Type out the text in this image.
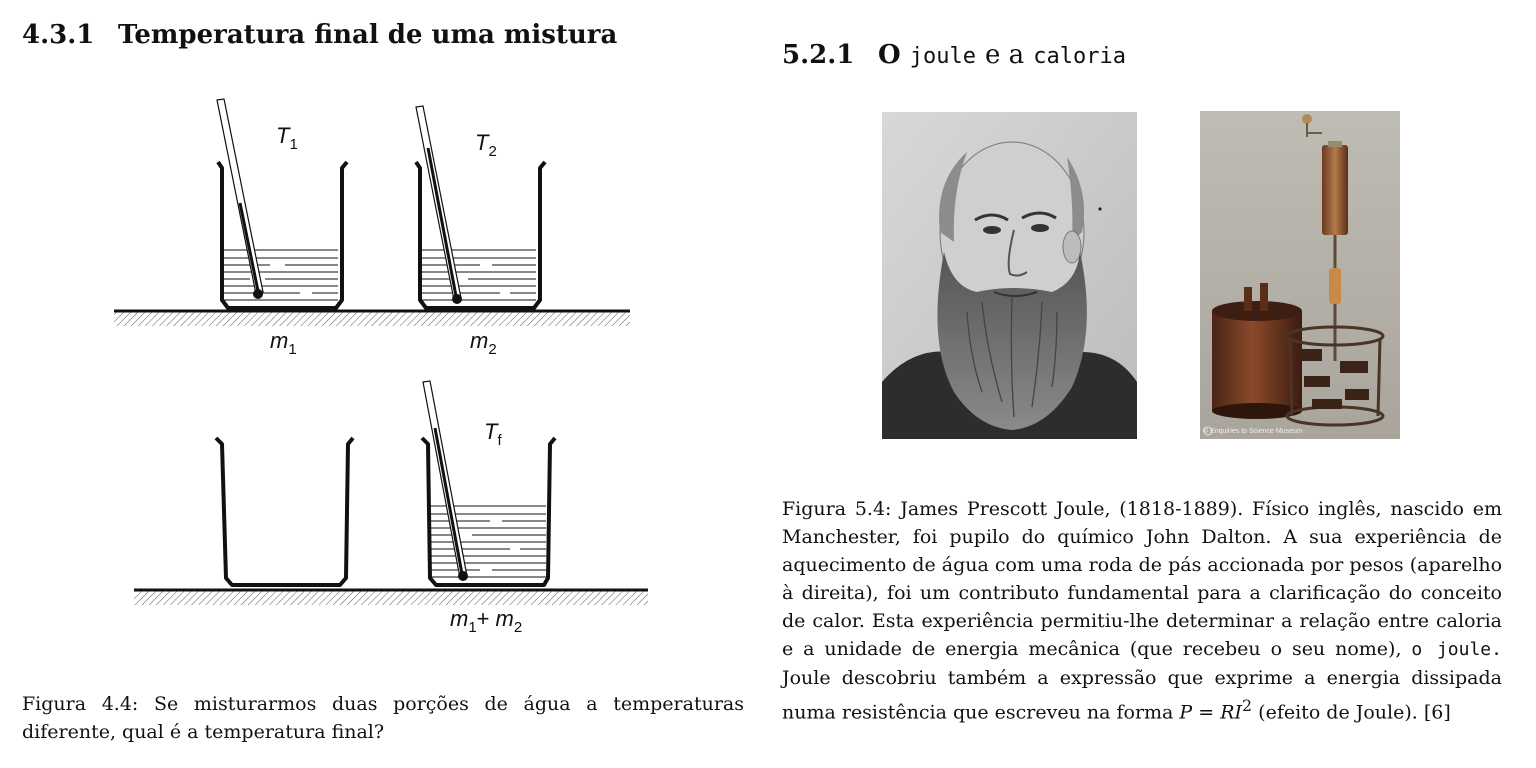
4.3.1 Temperatura final de uma mistura
5.2.1 O joule e a caloria
$T_1$	$T_2$
$m_1$	$m_2$
$T_f$
$m_1+ m_2$
Figura 4.4: Se misturarmos duas porções de água a temperaturas diferente, qual é a temperatura final?
© Enquiries to Science Museum

Figura 5.4: James Prescott Joule, (1818-1889). Físico inglês, nascido em Manchester, foi pupilo do químico John Dalton. A sua experiência de aquecimento de água com uma roda de pás accionada por pesos (aparelho à direita), foi um contributo fundamental para a clarificação do conceito de calor. Esta experiência permitiu-lhe determinar a relação entre caloria e a unidade de energia mecânica (que recebeu o seu nome), o joule. Joule descobriu também a expressão que exprime a energia dissipada numa resistência que escreveu na forma $P = RI^2$ (efeito de Joule). [6]
